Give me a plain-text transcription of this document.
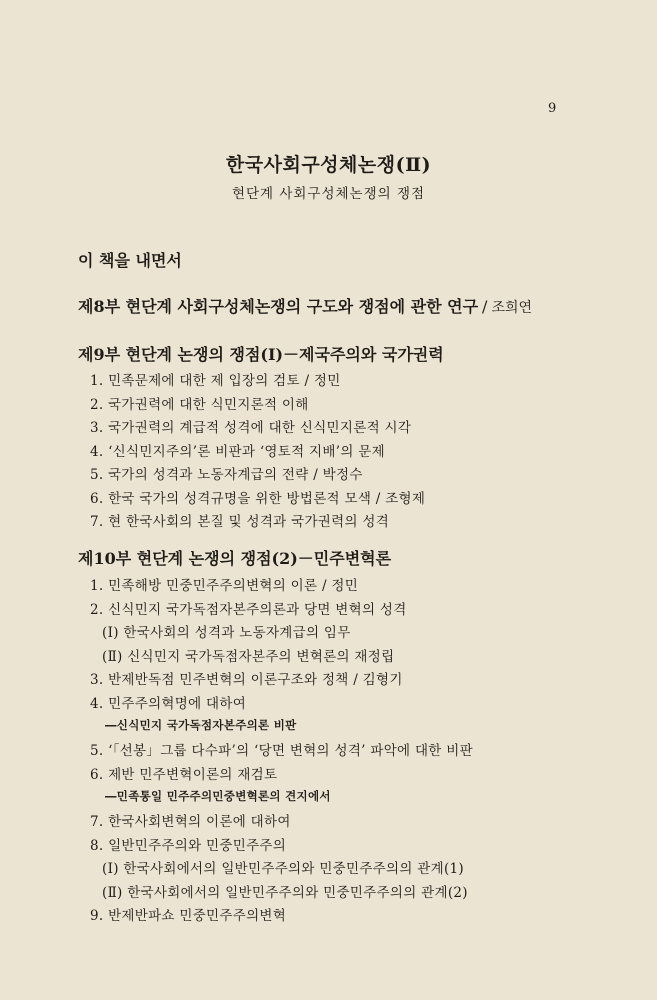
9
한국사회구성체논쟁(Ⅱ)
현단계 사회구성체논쟁의 쟁점
이 책을 내면서
제8부 현단계 사회구성체논쟁의 구도와 쟁점에 관한 연구 / 조희연
제9부 현단계 논쟁의 쟁점(Ⅰ)－제국주의와 국가권력
1. 민족문제에 대한 제 입장의 검토 / 정민
2. 국가권력에 대한 식민지론적 이해
3. 국가권력의 계급적 성격에 대한 신식민지론적 시각
4. ‘신식민지주의’론 비판과 ‘영토적 지배’의 문제
5. 국가의 성격과 노동자계급의 전략 / 박정수
6. 한국 국가의 성격규명을 위한 방법론적 모색 / 조형제
7. 현 한국사회의 본질 및 성격과 국가권력의 성격
제10부 현단계 논쟁의 쟁점(2)－민주변혁론
1. 민족해방 민중민주주의변혁의 이론 / 정민
2. 신식민지 국가독점자본주의론과 당면 변혁의 성격
(Ⅰ) 한국사회의 성격과 노동자계급의 임무
(Ⅱ) 신식민지 국가독점자본주의 변혁론의 재정립
3. 반제반독점 민주변혁의 이론구조와 정책 / 김형기
4. 민주주의혁명에 대하여
―신식민지 국가독점자본주의론 비판
5. ‘「선봉」그룹 다수파’의 ‘당면 변혁의 성격’ 파악에 대한 비판
6. 제반 민주변혁이론의 재검토
―민족통일 민주주의민중변혁론의 견지에서
7. 한국사회변혁의 이론에 대하여
8. 일반민주주의와 민중민주주의
(Ⅰ) 한국사회에서의 일반민주주의와 민중민주주의의 관계(1)
(Ⅱ) 한국사회에서의 일반민주주의와 민중민주주의의 관계(2)
9. 반제반파쇼 민중민주주의변혁
